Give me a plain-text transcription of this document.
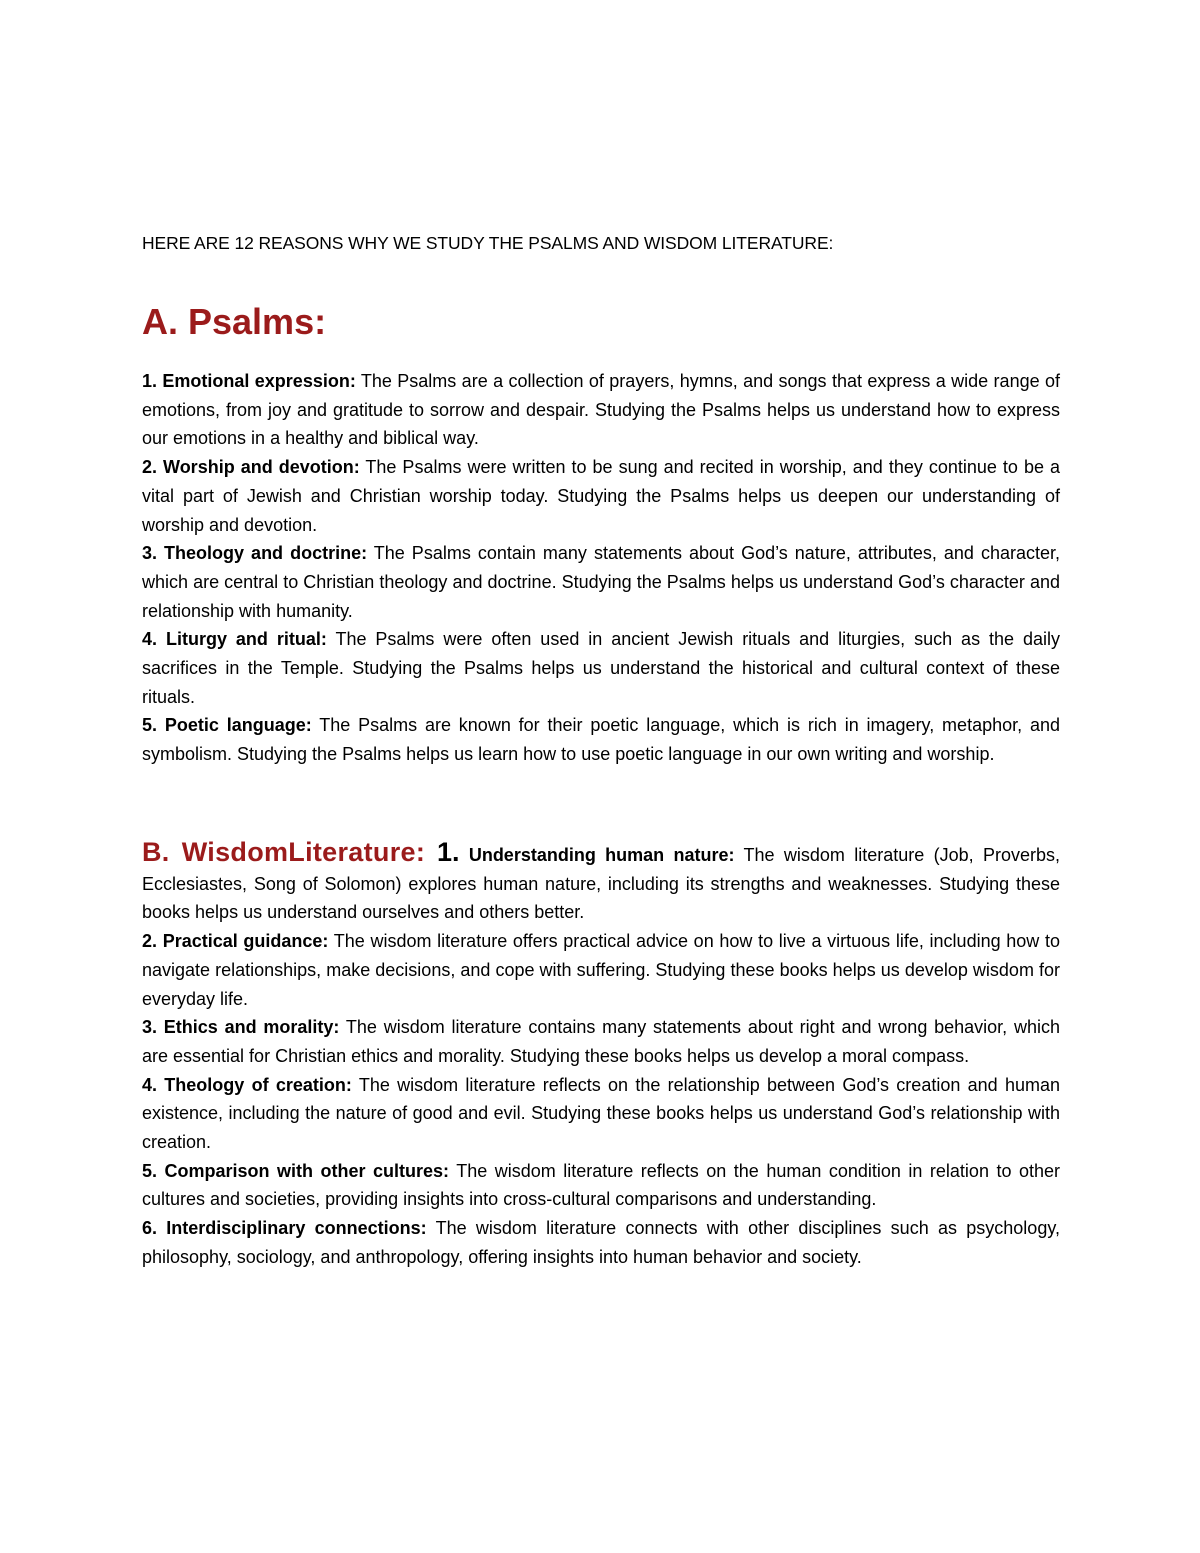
HERE ARE 12 REASONS WHY WE STUDY THE PSALMS AND WISDOM LITERATURE:
A. Psalms:

1. Emotional expression: The Psalms are a collection of prayers, hymns, and songs that express a wide range of emotions, from joy and gratitude to sorrow and despair. Studying the Psalms helps us understand how to express our emotions in a healthy and biblical way.

2. Worship and devotion: The Psalms were written to be sung and recited in worship, and they continue to be a vital part of Jewish and Christian worship today. Studying the Psalms helps us deepen our understanding of worship and devotion.

3. Theology and doctrine: The Psalms contain many statements about God’s nature, attributes, and character, which are central to Christian theology and doctrine. Studying the Psalms helps us understand God’s character and relationship with humanity.

4. Liturgy and ritual: The Psalms were often used in ancient Jewish rituals and liturgies, such as the daily sacrifices in the Temple. Studying the Psalms helps us understand the historical and cultural context of these rituals.

5. Poetic language: The Psalms are known for their poetic language, which is rich in imagery, metaphor, and symbolism. Studying the Psalms helps us learn how to use poetic language in our own writing and worship.

B. WisdomLiterature: 1. Understanding human nature: The wisdom literature (Job, Proverbs, Ecclesiastes, Song of Solomon) explores human nature, including its strengths and weaknesses. Studying these books helps us understand ourselves and others better.

2. Practical guidance: The wisdom literature offers practical advice on how to live a virtuous life, including how to navigate relationships, make decisions, and cope with suffering. Studying these books helps us develop wisdom for everyday life.

3. Ethics and morality: The wisdom literature contains many statements about right and wrong behavior, which are essential for Christian ethics and morality. Studying these books helps us develop a moral compass.

4. Theology of creation: The wisdom literature reflects on the relationship between God’s creation and human existence, including the nature of good and evil. Studying these books helps us understand God’s relationship with creation.

5. Comparison with other cultures: The wisdom literature reflects on the human condition in relation to other cultures and societies, providing insights into cross-cultural comparisons and understanding.

6. Interdisciplinary connections: The wisdom literature connects with other disciplines such as psychology, philosophy, sociology, and anthropology, offering insights into human behavior and society.
